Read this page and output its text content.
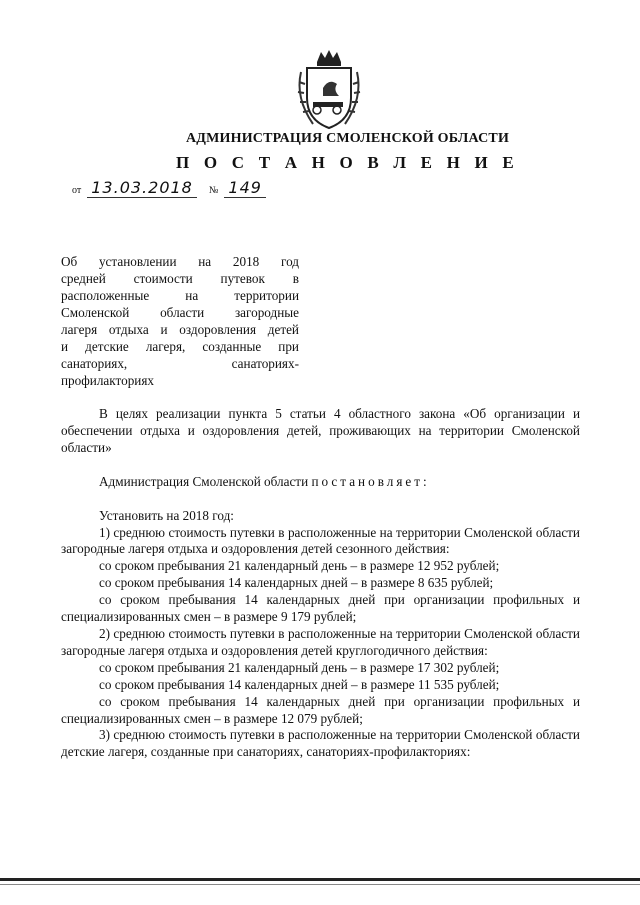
АДМИНИСТРАЦИЯ СМОЛЕНСКОЙ ОБЛАСТИ
П О С Т А Н О В Л Е Н И Е
от 13.03.2018 № 149

Об установлении на 2018 год

средней стоимости путевок в

расположенные на территории

Смоленской области загородные

лагеря отдыха и оздоровления детей

и детские лагеря, созданные при

санаториях, санаториях-

профилакториях

В целях реализации пункта 5 статьи 4 областного закона «Об организации и обеспечении отдыха и оздоровления детей, проживающих на территории Смоленской области»

Администрация Смоленской области постановляет:

Установить на 2018 год:

1) среднюю стоимость путевки в расположенные на территории Смоленской области загородные лагеря отдыха и оздоровления детей сезонного действия:

со сроком пребывания 21 календарный день – в размере 12 952 рублей;

со сроком пребывания 14 календарных дней – в размере 8 635 рублей;

со сроком пребывания 14 календарных дней при организации профильных и специализированных смен – в размере 9 179 рублей;

2) среднюю стоимость путевки в расположенные на территории Смоленской области загородные лагеря отдыха и оздоровления детей круглогодичного действия:

со сроком пребывания 21 календарный день – в размере 17 302 рублей;

со сроком пребывания 14 календарных дней – в размере 11 535 рублей;

со сроком пребывания 14 календарных дней при организации профильных и специализированных смен – в размере 12 079 рублей;

3) среднюю стоимость путевки в расположенные на территории Смоленской области детские лагеря, созданные при санаториях, санаториях-профилакториях:
